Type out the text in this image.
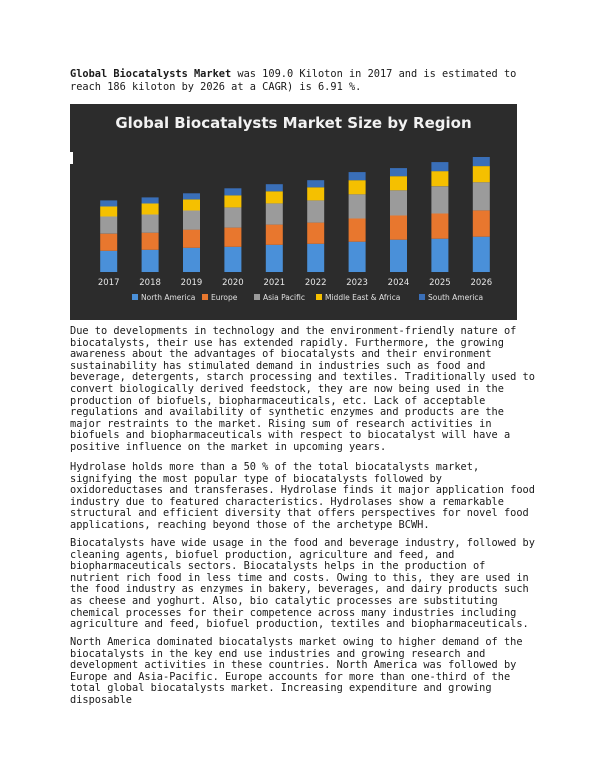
Global Biocatalysts Market was 109.0 Kiloton in 2017 and is estimated to reach 186 kiloton by 2026 at a CAGR) is 6.91 %.
Global Biocatalysts Market Size by Region
2017 2018 2019 2020 2021 2022 2023 2024 2025 2026
North America Europe	Asia Pacific	Middle East & Africa	South America

Due to developments in technology and the environment-friendly nature of biocatalysts, their use has extended rapidly. Furthermore, the growing awareness about the advantages of biocatalysts and their environment sustainability has stimulated demand in industries such as food and beverage, detergents, starch processing and textiles. Traditionally used to convert biologically derived feedstock, they are now being used in the production of biofuels, biopharmaceuticals, etc. Lack of acceptable regulations and availability of synthetic enzymes and products are the major restraints to the market. Rising sum of research activities in biofuels and biopharmaceuticals with respect to biocatalyst will have a positive influence on the market in upcoming years.

Hydrolase holds more than a 50 % of the total biocatalysts market, signifying the most popular type of biocatalysts followed by oxidoreductases and transferases. Hydrolase finds it major application food industry due to featured characteristics. Hydrolases show a remarkable structural and efficient diversity that offers perspectives for novel food applications, reaching beyond those of the archetype BCWH.

Biocatalysts have wide usage in the food and beverage industry, followed by cleaning agents, biofuel production, agriculture and feed, and biopharmaceuticals sectors. Biocatalysts helps in the production of nutrient rich food in less time and costs. Owing to this, they are used in the food industry as enzymes in bakery, beverages, and dairy products such as cheese and yoghurt. Also, bio catalytic processes are substituting chemical processes for their competence across many industries including agriculture and feed, biofuel production, textiles and biopharmaceuticals.

North America dominated biocatalysts market owing to higher demand of the biocatalysts in the key end use industries and growing research and development activities in these countries. North America was followed by Europe and Asia-Pacific. Europe accounts for more than one-third of the total global biocatalysts market. Increasing expenditure and growing disposable
